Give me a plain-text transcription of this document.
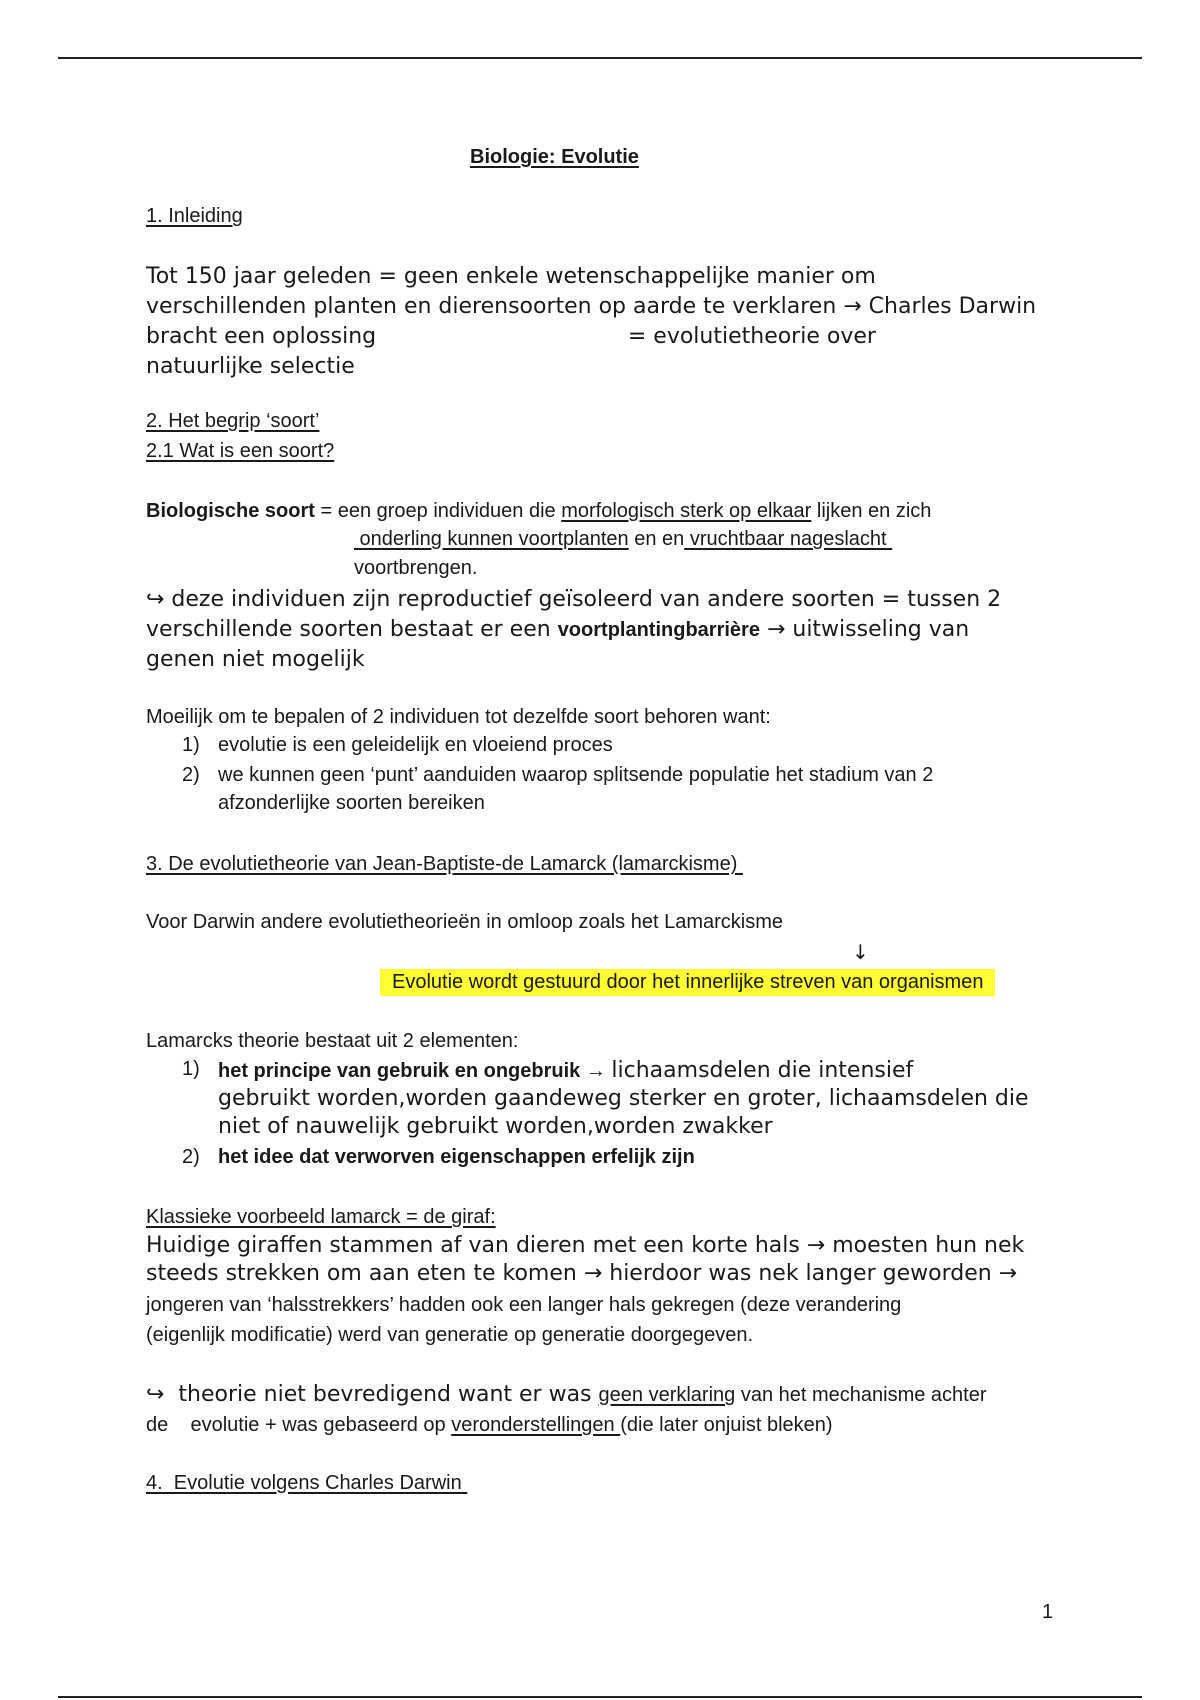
Biologie: Evolutie
1. Inleiding
Tot 150 jaar geleden = geen enkele wetenschappelijke manier om
verschillenden planten en dierensoorten op aarde te verklaren → Charles Darwin
bracht een oplossing                                    = evolutietheorie over
natuurlijke selectie
2. Het begrip ‘soort’
2.1 Wat is een soort?
Biologische soort = een groep individuen die morfologisch sterk op elkaar lijken en zich
onderling kunnen voortplanten en en vruchtbaar nageslacht
voortbrengen.
↪ deze individuen zijn reproductief geïsoleerd van andere soorten = tussen 2
verschillende soorten bestaat er een voortplantingbarrière → uitwisseling van
genen niet mogelijk
Moeilijk om te bepalen of 2 individuen tot dezelfde soort behoren want:
1) evolutie is een geleidelijk en vloeiend proces
2) we kunnen geen ‘punt’ aanduiden waarop splitsende populatie het stadium van 2
afzonderlijke soorten bereiken
3. De evolutietheorie van Jean-Baptiste-de Lamarck (lamarckisme)
Voor Darwin andere evolutietheorieën in omloop zoals het Lamarckisme
↓
Evolutie wordt gestuurd door het innerlijke streven van organismen
Lamarcks theorie bestaat uit 2 elementen:
1) het principe van gebruik en ongebruik → lichaamsdelen die intensief
gebruikt worden,worden gaandeweg sterker en groter, lichaamsdelen die
niet of nauwelijk gebruikt worden,worden zwakker
2) het idee dat verworven eigenschappen erfelijk zijn
Klassieke voorbeeld lamarck = de giraf:
Huidige giraffen stammen af van dieren met een korte hals → moesten hun nek
steeds strekken om aan eten te komen → hierdoor was nek langer geworden →
jongeren van ‘halsstrekkers’ hadden ook een langer hals gekregen (deze verandering
(eigenlijk modificatie) werd van generatie op generatie doorgegeven.
↪  theorie niet bevredigend want er was geen verklaring van het mechanisme achter
de    evolutie + was gebaseerd op veronderstellingen (die later onjuist bleken)
4.  Evolutie volgens Charles Darwin
1
